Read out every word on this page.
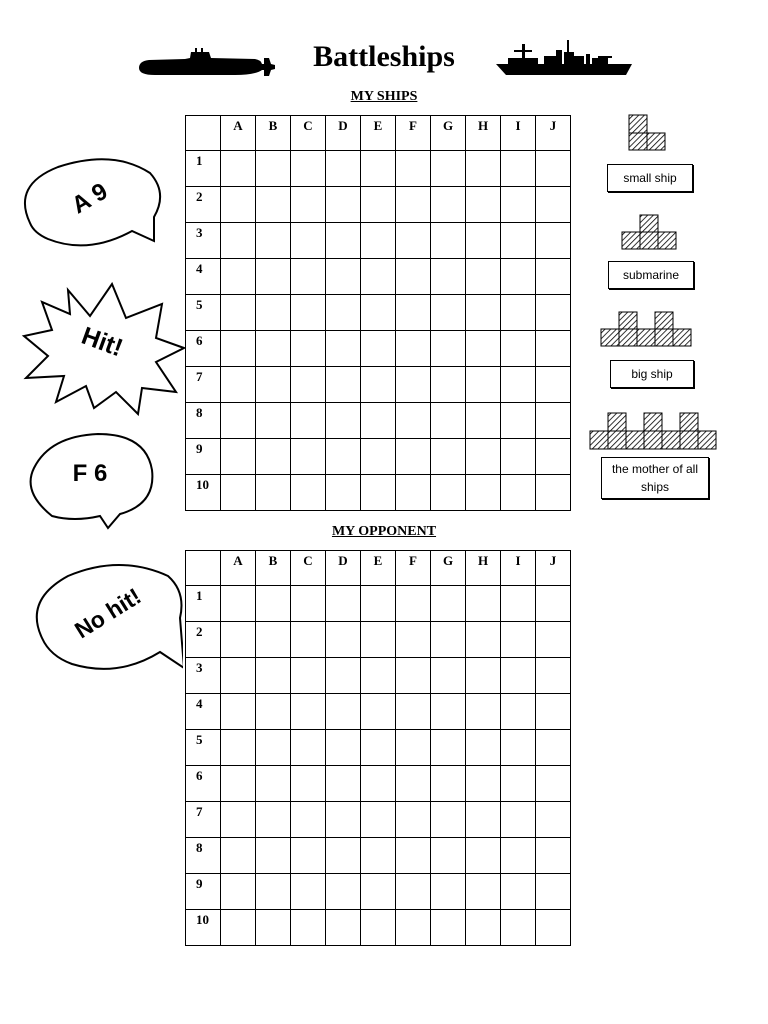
Battleships
MY SHIPS
	A	B	C	D	E	F	G	H	I	J
1										
2										
3										
4										
5										
6										
7										
8										
9										
10										
MY OPPONENT
	A	B	C	D	E	F	G	H	I	J
1										
2										
3										
4										
5										
6										
7										
8										
9										
10										
small ship
submarine
big ship
the mother of all ships
A 9
Hit!
F 6
No hit!
